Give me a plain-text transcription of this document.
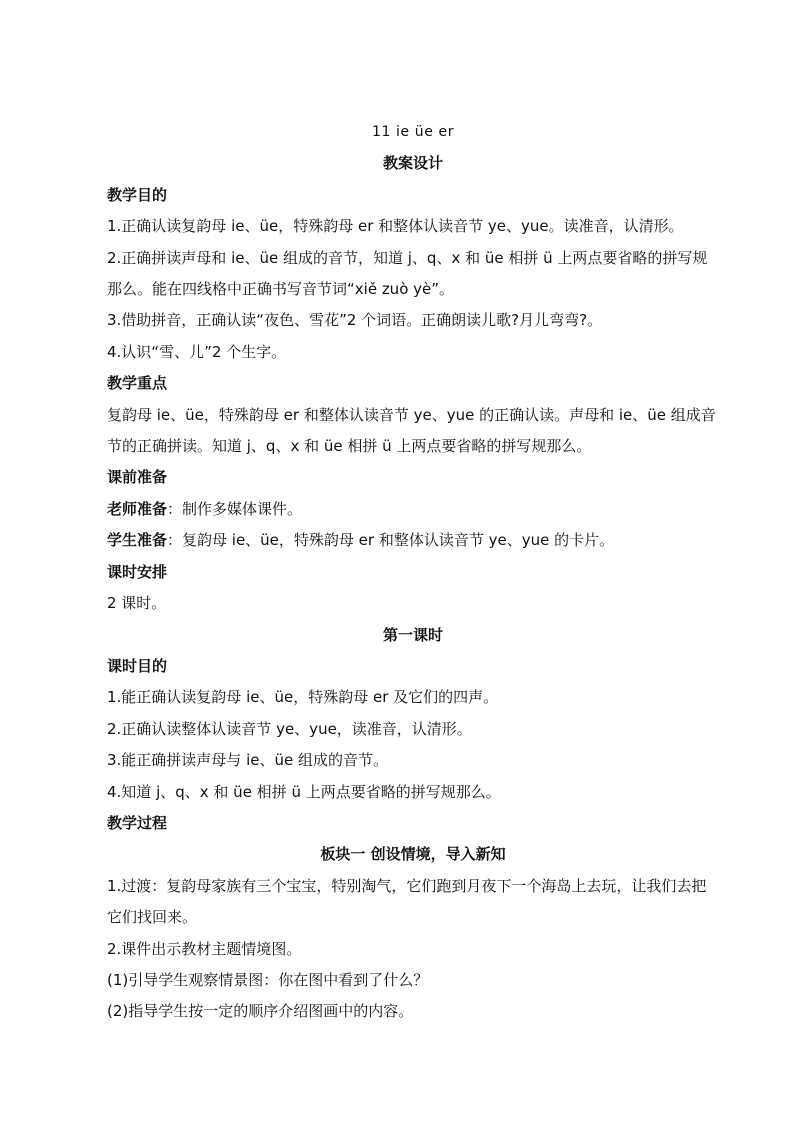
11 ie üe er

教案设计

教学目的

1.正确认读复韵母 ie、üe，特殊韵母 er 和整体认读音节 ye、yue。读准音，认清形。

2.正确拼读声母和 ie、üe 组成的音节，知道 j、q、x 和 üe 相拼 ü 上两点要省略的拼写规那么。能在四线格中正确书写音节词“xiě zuò yè”。

3.借助拼音，正确认读“夜色、雪花”2 个词语。正确朗读儿歌?月儿弯弯?。

4.认识“雪、儿”2 个生字。

教学重点

复韵母 ie、üe，特殊韵母 er 和整体认读音节 ye、yue 的正确认读。声母和 ie、üe 组成音节的正确拼读。知道 j、q、x 和 üe 相拼 ü 上两点要省略的拼写规那么。

课前准备

老师准备：制作多媒体课件。

学生准备：复韵母 ie、üe，特殊韵母 er 和整体认读音节 ye、yue 的卡片。

课时安排

2 课时。

第一课时

课时目的

1.能正确认读复韵母 ie、üe，特殊韵母 er 及它们的四声。

2.正确认读整体认读音节 ye、yue，读准音，认清形。

3.能正确拼读声母与 ie、üe 组成的音节。

4.知道 j、q、x 和 üe 相拼 ü 上两点要省略的拼写规那么。

教学过程

板块一 创设情境，导入新知

1.过渡：复韵母家族有三个宝宝，特别淘气，它们跑到月夜下一个海岛上去玩，让我们去把它们找回来。

2.课件出示教材主题情境图。

(1)引导学生观察情景图：你在图中看到了什么？

(2)指导学生按一定的顺序介绍图画中的内容。
